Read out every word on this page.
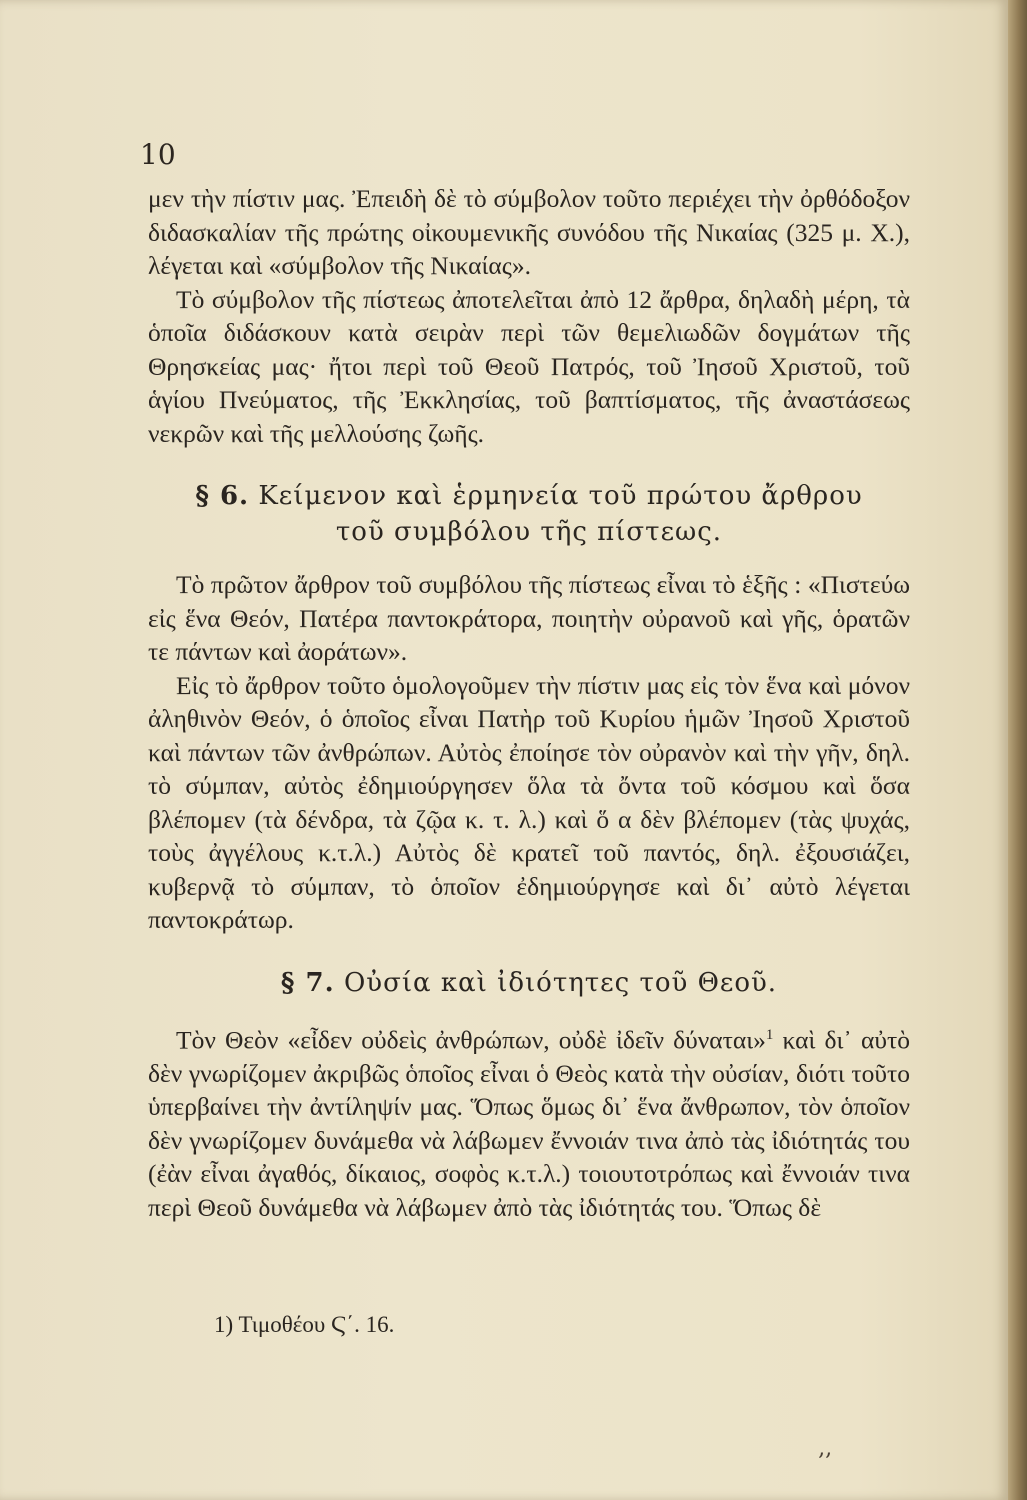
10

μεν τὴν πίστιν μας. Ἐπειδὴ δὲ τὸ σύμβολον τοῦτο περιέχει τὴν ὀρθόδοξον διδασκαλίαν τῆς πρώτης οἰκουμενικῆς συνόδου τῆς Νικαίας (325 μ. Χ.), λέγεται καὶ «σύμβολον τῆς Νικαίας».

Τὸ σύμβολον τῆς πίστεως ἀποτελεῖται ἀπὸ 12 ἄρθρα, δηλαδὴ μέρη, τὰ ὁποῖα διδάσκουν κατὰ σειρὰν περὶ τῶν θεμελιωδῶν δογμάτων τῆς Θρησκείας μας· ἤτοι περὶ τοῦ Θεοῦ Πατρός, τοῦ Ἰησοῦ Χριστοῦ, τοῦ ἁγίου Πνεύματος, τῆς Ἐκκλησίας, τοῦ βαπτίσματος, τῆς ἀναστάσεως νεκρῶν καὶ τῆς μελλούσης ζωῆς.

§ 6. Κείμενον καὶ ἑρμηνεία τοῦ πρώτου ἄρθρου
τοῦ συμβόλου τῆς πίστεως.

Τὸ πρῶτον ἄρθρον τοῦ συμβόλου τῆς πίστεως εἶναι τὸ ἑξῆς : «Πιστεύω εἰς ἕνα Θεόν, Πατέρα παντοκράτορα, ποιητὴν οὐρανοῦ καὶ γῆς, ὁρατῶν τε πάντων καὶ ἀοράτων».

Εἰς τὸ ἄρθρον τοῦτο ὁμολογοῦμεν τὴν πίστιν μας εἰς τὸν ἕνα καὶ μόνον ἀληθινὸν Θεόν, ὁ ὁποῖος εἶναι Πατὴρ τοῦ Κυρίου ἡμῶν Ἰησοῦ Χριστοῦ καὶ πάντων τῶν ἀνθρώπων. Αὐτὸς ἐποίησε τὸν οὐρανὸν καὶ τὴν γῆν, δηλ. τὸ σύμπαν, αὐτὸς ἐδημιούργησεν ὅλα τὰ ὄντα τοῦ κόσμου καὶ ὅσα βλέπομεν (τὰ δένδρα, τὰ ζῷα κ. τ. λ.) καὶ ὅ α δὲν βλέπομεν (τὰς ψυχάς, τοὺς ἀγγέλους κ.τ.λ.) Αὐτὸς δὲ κρατεῖ τοῦ παντός, δηλ. ἐξουσιάζει, κυβερνᾷ τὸ σύμπαν, τὸ ὁποῖον ἐδημιούργησε καὶ δι᾽ αὐτὸ λέγεται παντοκράτωρ.

§ 7. Οὐσία καὶ ἰδιότητες τοῦ Θεοῦ.

Τὸν Θεὸν «εἶδεν οὐδεὶς ἀνθρώπων, οὐδὲ ἰδεῖν δύναται»$^1$ καὶ δι᾽ αὐτὸ δὲν γνωρίζομεν ἀκριβῶς ὁποῖος εἶναι ὁ Θεὸς κατὰ τὴν οὐσίαν, διότι τοῦτο ὑπερβαίνει τὴν ἀντίληψίν μας. Ὅπως ὅμως δι᾽ ἕνα ἄνθρωπον, τὸν ὁποῖον δὲν γνωρίζομεν δυνάμεθα νὰ λάβωμεν ἔννοιάν τινα ἀπὸ τὰς ἰδιότητάς του (ἐὰν εἶναι ἀγαθός, δίκαιος, σοφὸς κ.τ.λ.) τοιουτοτρόπως καὶ ἔννοιάν τινα περὶ Θεοῦ δυνάμεθα νὰ λάβωμεν ἀπὸ τὰς ἰδιότητάς του. Ὅπως δὲ

1) Τιμοθέου Ϛ΄. 16.
‚‚
